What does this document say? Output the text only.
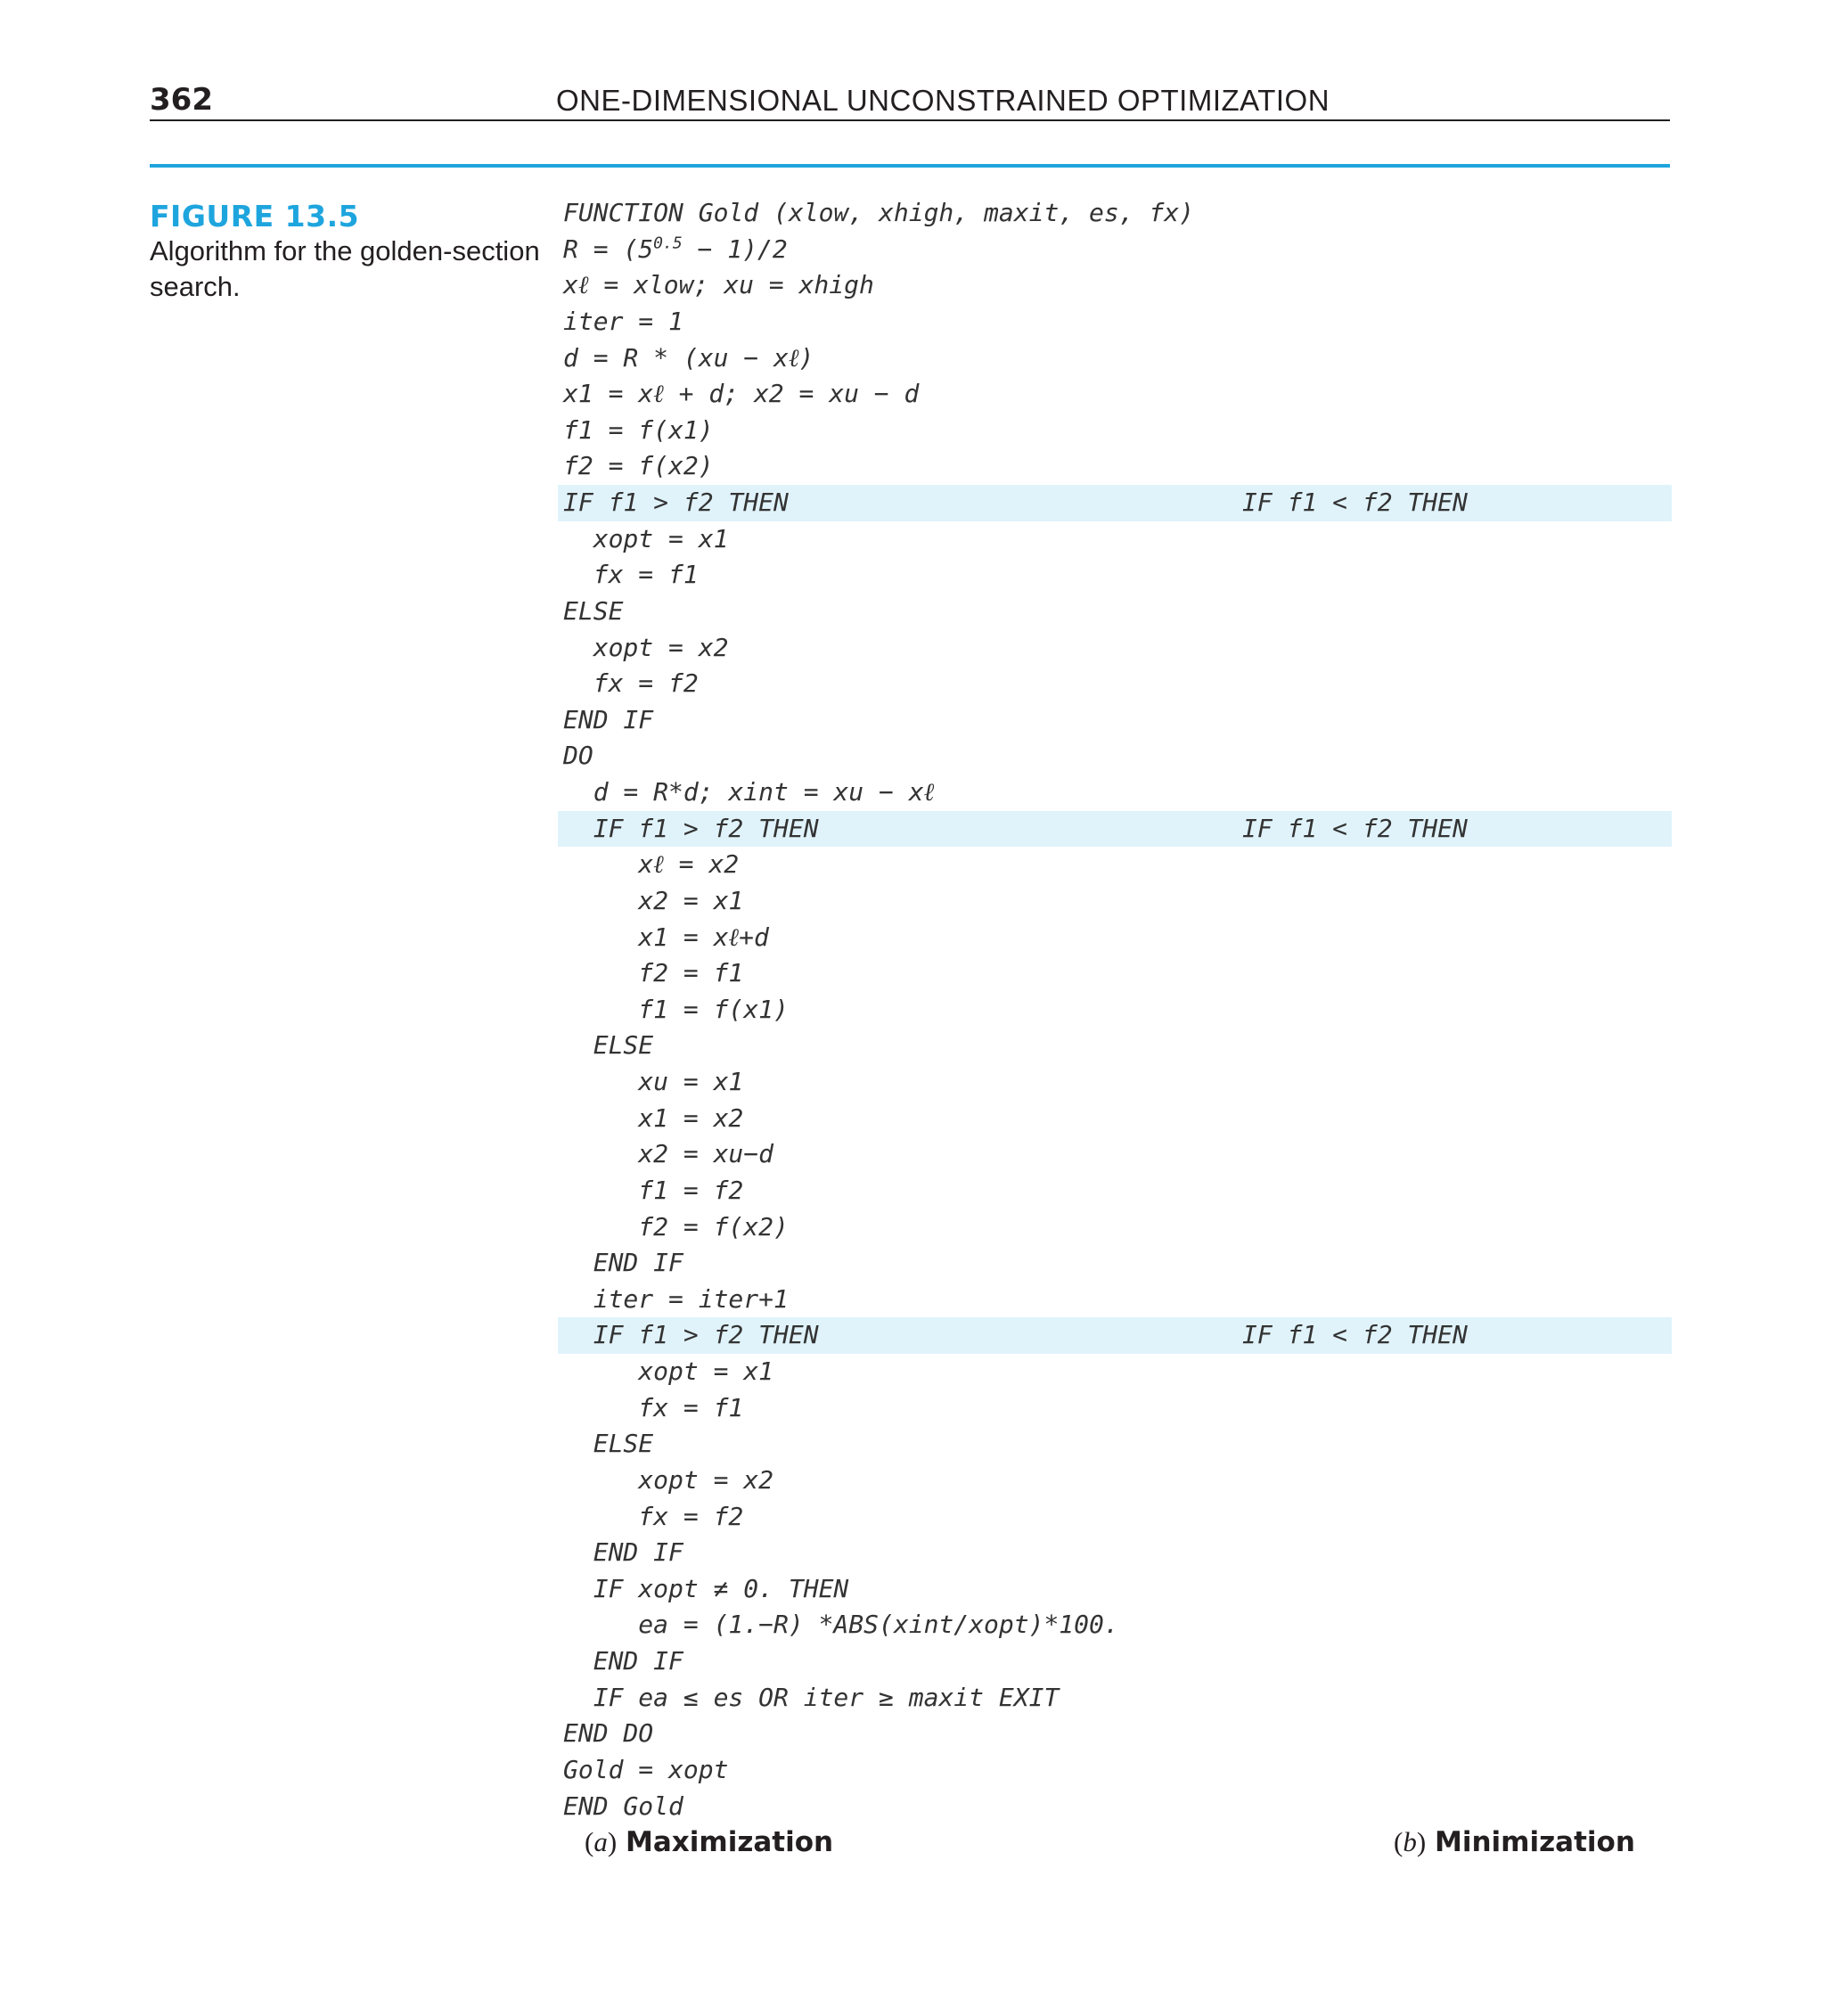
362	ONE-DIMENSIONAL UNCONSTRAINED OPTIMIZATION
FIGURE 13.5
Algorithm for the golden-section search.
FUNCTION Gold (xlow, xhigh, maxit, es, fx)
$R = (5^{0.5} - 1)/2$
xℓ = xlow; xu = xhigh
iter = 1
d = R * (xu − xℓ)
x1 = xℓ + d; x2 = xu − d
f1 = f(x1)
f2 = f(x2)
IF f1 > f2 THEN	IF f1 < f2 THEN
xopt = x1
fx = f1
ELSE
xopt = x2
fx = f2
END IF
DO
d = R*d; xint = xu − xℓ
IF f1 > f2 THEN	IF f1 < f2 THEN
xℓ = x2
x2 = x1
x1 = xℓ+d
f2 = f1
f1 = f(x1)
ELSE
xu = x1
x1 = x2
x2 = xu−d
f1 = f2
f2 = f(x2)
END IF
iter = iter+1
IF f1 > f2 THEN	IF f1 < f2 THEN
xopt = x1
fx = f1
ELSE
xopt = x2
fx = f2
END IF
IF xopt ≠ 0. THEN
ea = (1.−R) *ABS(xint/xopt)*100.
END IF
IF ea ≤ es OR iter ≥ maxit EXIT
END DO
Gold = xopt
END Gold
(a) Maximization	(b) Minimization
